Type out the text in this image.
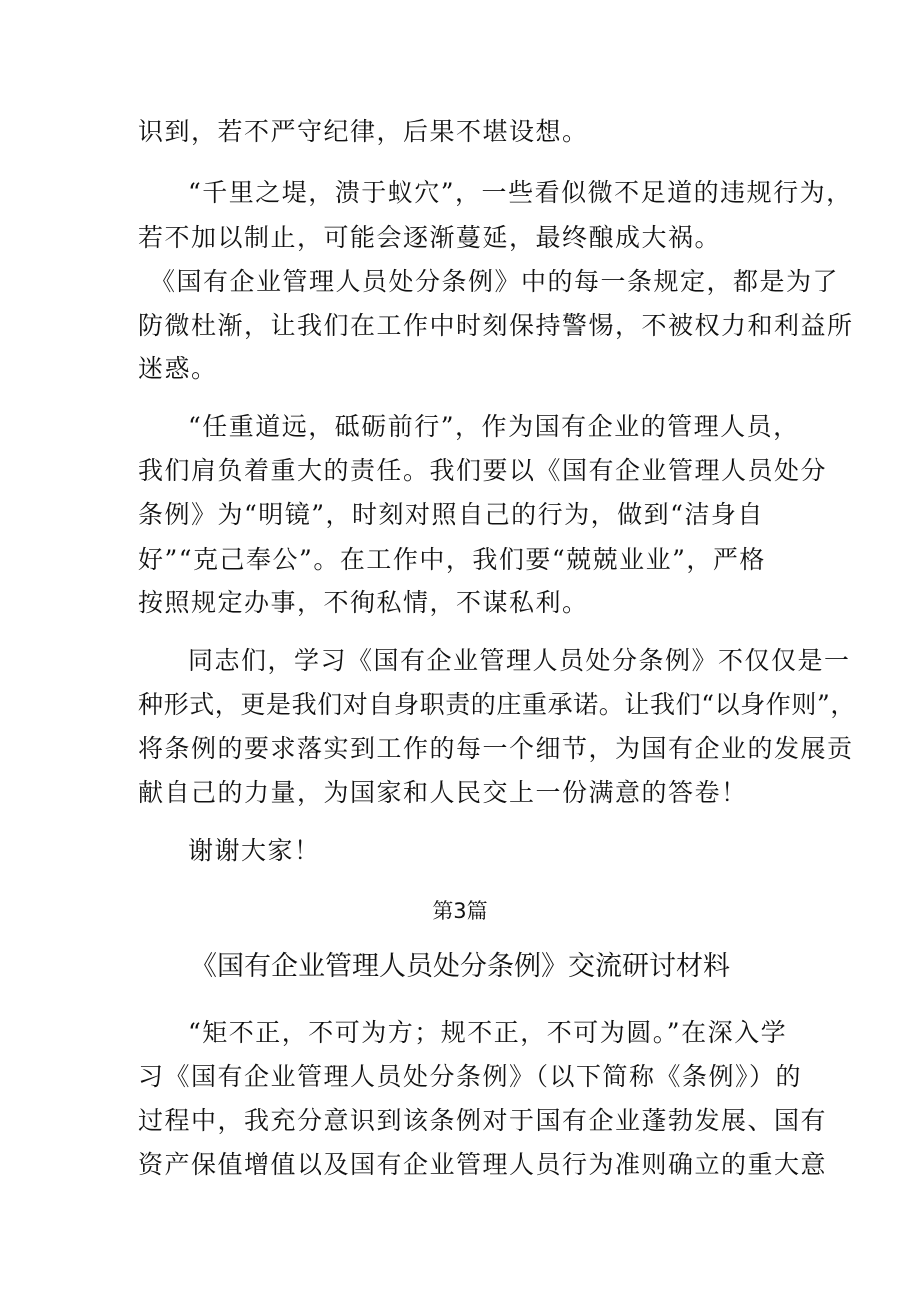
识到，若不严守纪律，后果不堪设想。
“千里之堤，溃于蚁穴”，一些看似微不足道的违规行为，
若不加以制止，可能会逐渐蔓延，最终酿成大祸。
《国有企业管理人员处分条例》中的每一条规定，都是为了
防微杜渐，让我们在工作中时刻保持警惕，不被权力和利益所
迷惑。
“任重道远，砥砺前行”，作为国有企业的管理人员，
我们肩负着重大的责任。我们要以《国有企业管理人员处分
条例》为“明镜”，时刻对照自己的行为，做到“洁身自
好”“克己奉公”。在工作中，我们要“兢兢业业”，严格
按照规定办事，不徇私情，不谋私利。
同志们，学习《国有企业管理人员处分条例》不仅仅是一
种形式，更是我们对自身职责的庄重承诺。让我们“以身作则”，
将条例的要求落实到工作的每一个细节，为国有企业的发展贡
献自己的力量，为国家和人民交上一份满意的答卷！
谢谢大家！
第3篇
《国有企业管理人员处分条例》交流研讨材料
“矩不正，不可为方；规不正，不可为圆。”在深入学
习《国有企业管理人员处分条例》（以下简称《条例》）的
过程中，我充分意识到该条例对于国有企业蓬勃发展、国有
资产保值增值以及国有企业管理人员行为准则确立的重大意
